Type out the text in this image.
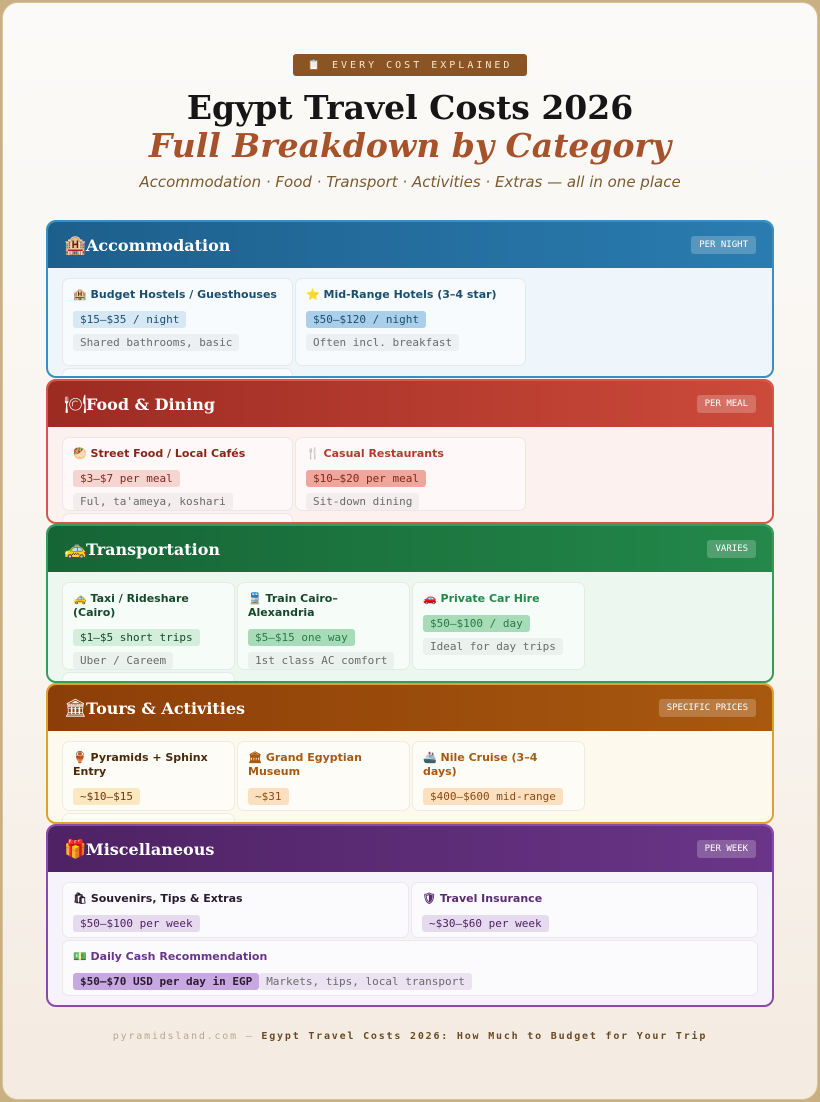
📋 EVERY COST EXPLAINED
Egypt Travel Costs 2026
Full Breakdown by Category
Accommodation · Food · Transport · Activities · Extras — all in one place
🏨 Accommodation	PER NIGHT
🏨 Budget Hostels / Guesthouses
$15–$35 / night
Shared bathrooms, basic
⭐ Mid-Range Hotels (3–4 star)
$50–$120 / night
Often incl. breakfast

🍽 Food & Dining	PER MEAL
🥙 Street Food / Local Cafés
$3–$7 per meal
Ful, ta'ameya, koshari
🍴 Casual Restaurants
$10–$20 per meal
Sit-down dining

🚕 Transportation	VARIES
🚕 Taxi / Rideshare (Cairo)
$1–$5 short trips
Uber / Careem
🚆 Train Cairo–Alexandria
$5–$15 one way
1st class AC comfort
🚗 Private Car Hire
$50–$100 / day
Ideal for day trips

🏛 Tours & Activities	SPECIFIC PRICES
🏺 Pyramids + Sphinx Entry
~$10–$15
🏛 Grand Egyptian Museum
~$31
🚢 Nile Cruise (3–4 days)
$400–$600 mid-range
🎁 Miscellaneous	PER WEEK
🛍 Souvenirs, Tips & Extras
$50–$100 per week
🛡 Travel Insurance
~$30–$60 per week
💵 Daily Cash Recommendation
$50–$70 USD per day in EGP Markets, tips, local transport
pyramidsland.com — Egypt Travel Costs 2026: How Much to Budget for Your Trip
